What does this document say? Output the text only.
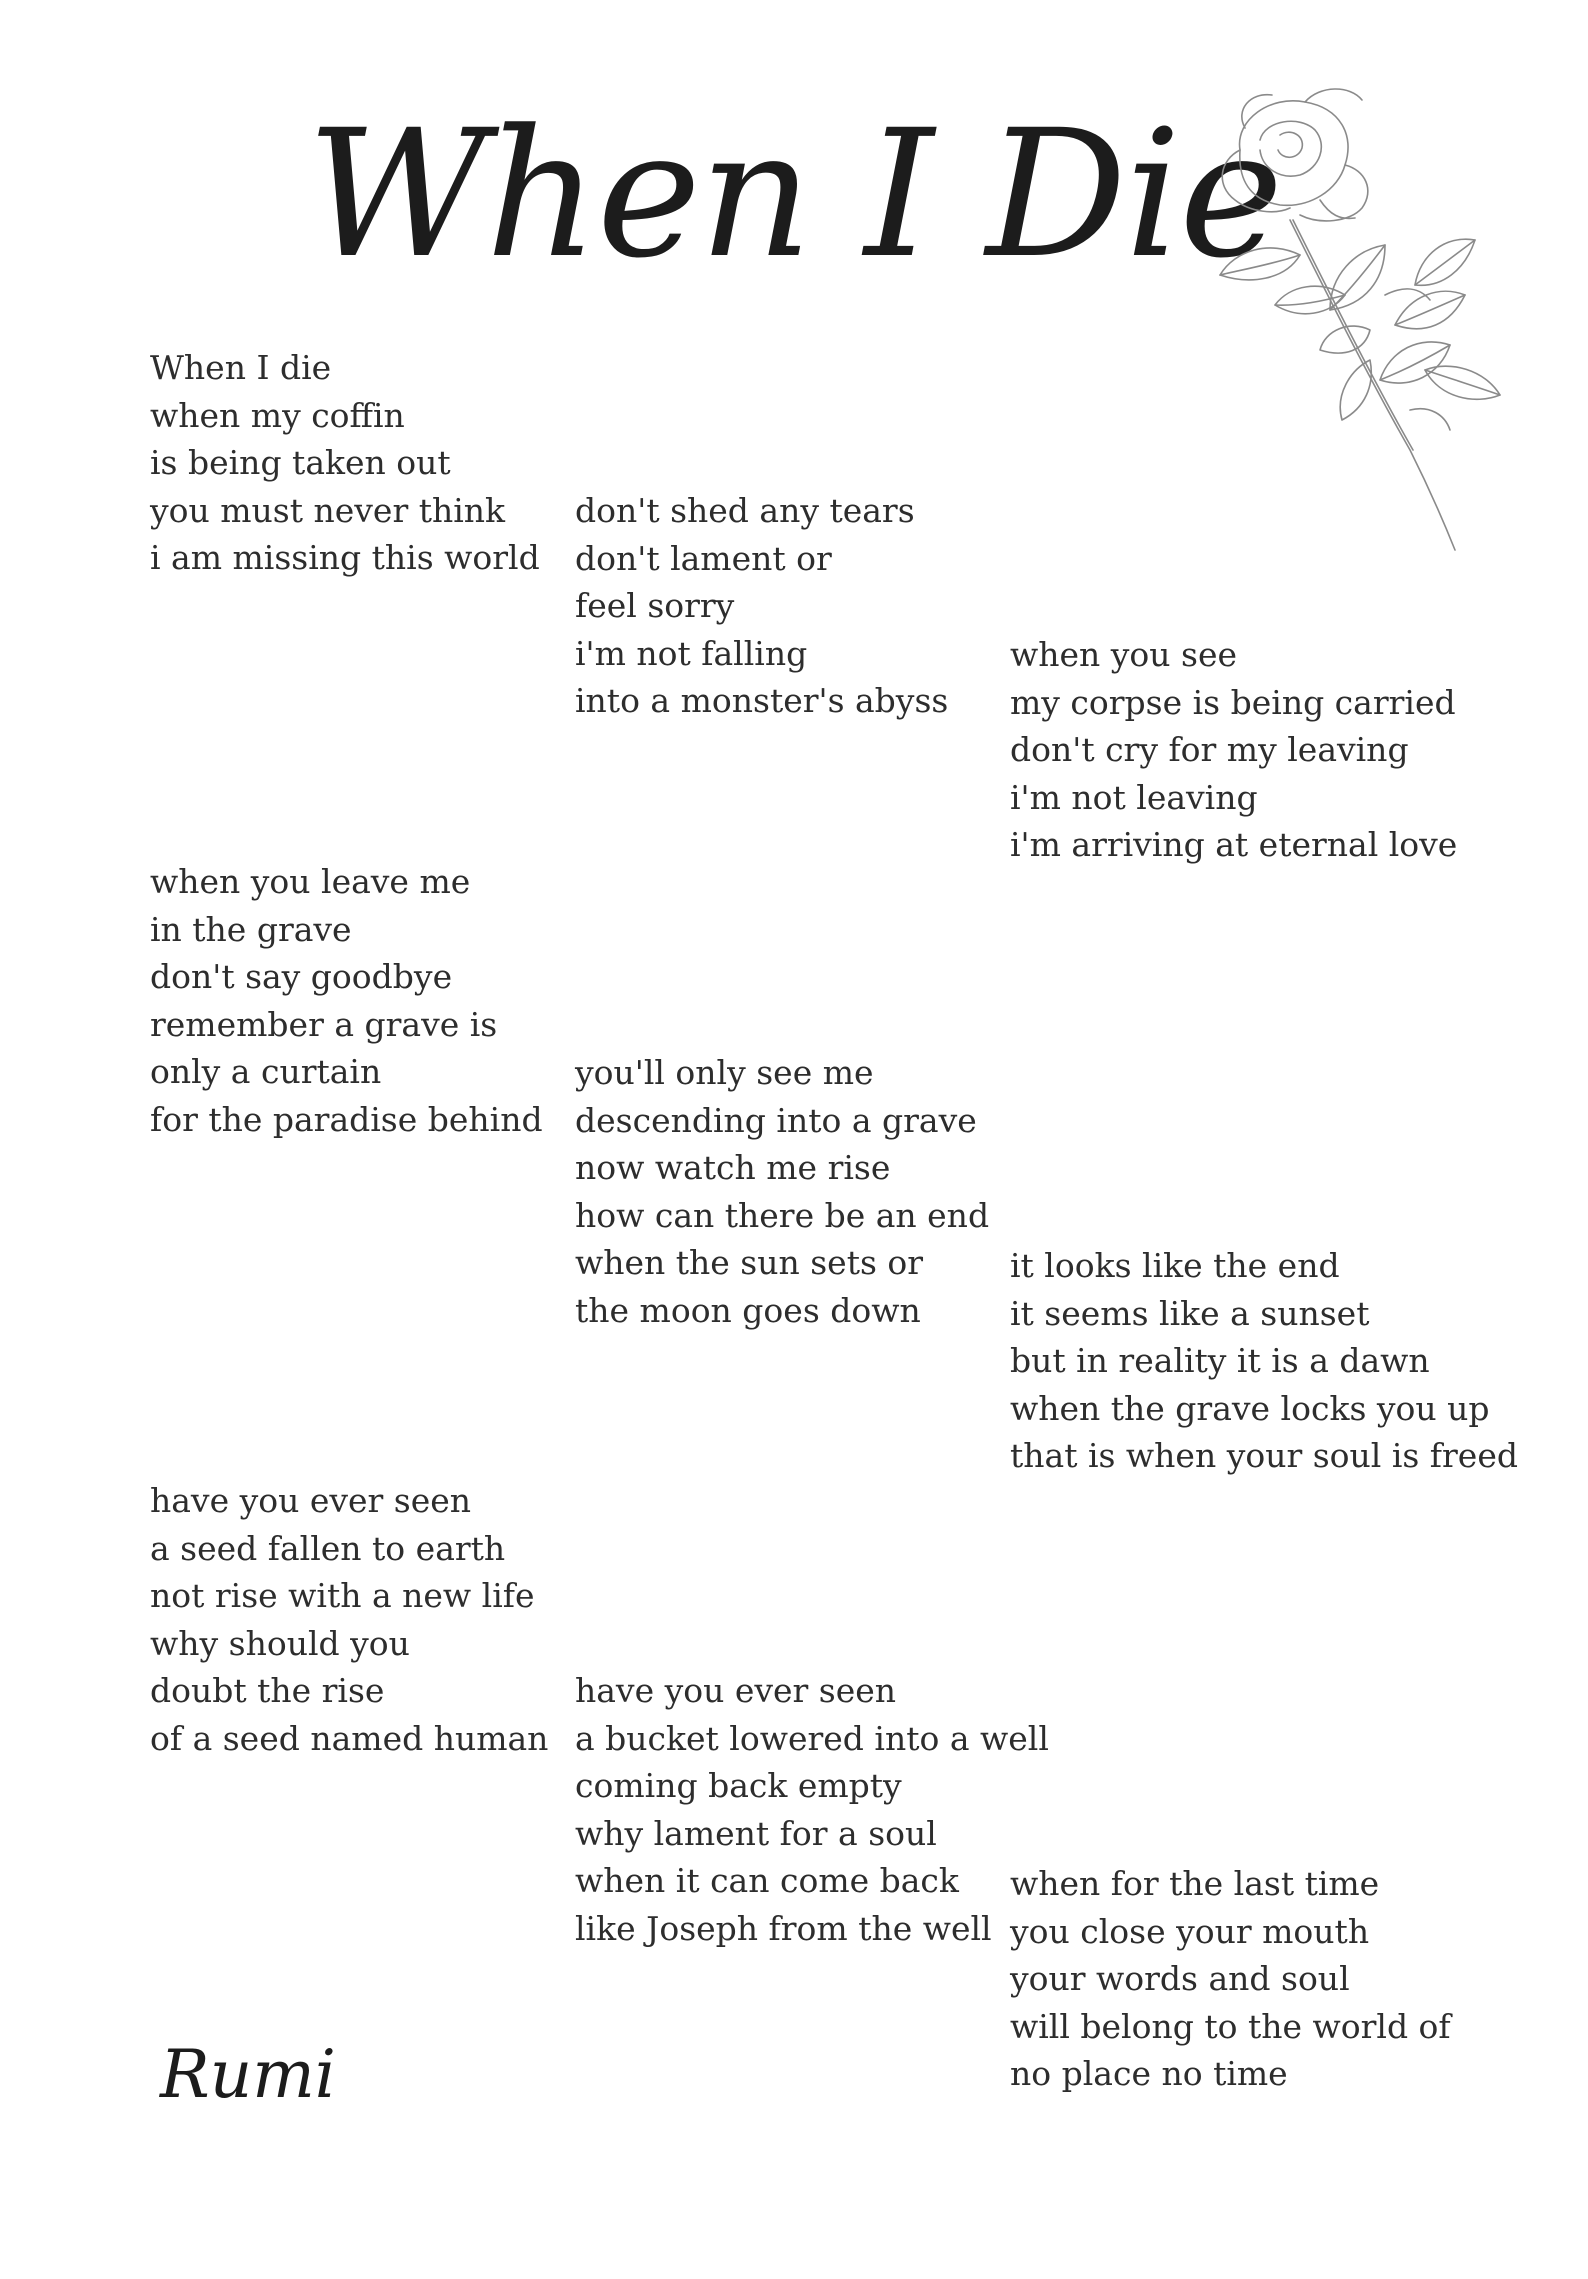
When I Die
When I die
when my coffin
is being taken out
you must never think
i am missing this world
don't shed any tears
don't lament or
feel sorry
i'm not falling
into a monster's abyss
when you see
my corpse is being carried
don't cry for my leaving
i'm not leaving
i'm arriving at eternal love
when you leave me
in the grave
don't say goodbye
remember a grave is
only a curtain
for the paradise behind
you'll only see me
descending into a grave
now watch me rise
how can there be an end
when the sun sets or
the moon goes down
it looks like the end
it seems like a sunset
but in reality it is a dawn
when the grave locks you up
that is when your soul is freed
have you ever seen
a seed fallen to earth
not rise with a new life
why should you
doubt the rise
of a seed named human
have you ever seen
a bucket lowered into a well
coming back empty
why lament for a soul
when it can come back
like Joseph from the well
when for the last time
you close your mouth
your words and soul
will belong to the world of
no place no time
Rumi
